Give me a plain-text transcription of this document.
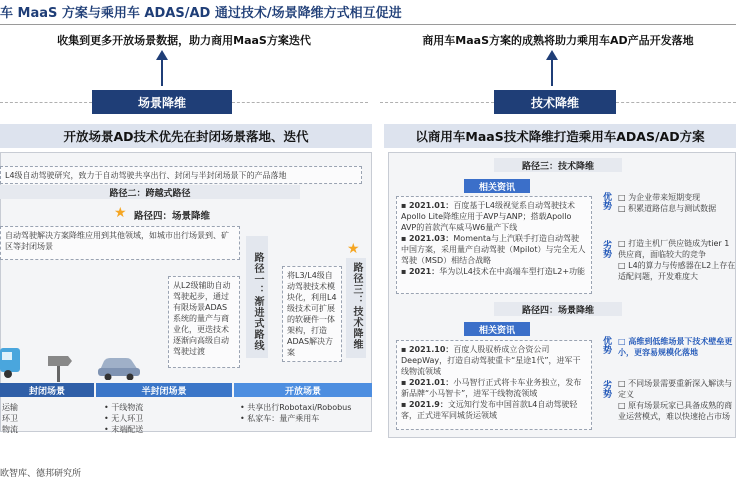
车 MaaS 方案与乘用车 ADAS/AD 通过技术/场景降维方式相互促进
收集到更多开放场景数据，助力商用MaaS方案迭代
场景降维
商用车MaaS方案的成熟将助力乘用车AD产品开发落地
技术降维
开放场景AD技术优先在封闭场景落地、迭代
L4级自动驾驶研究，致力于自动驾驶共享出行、封闭与半封闭场景下的产品落地
路径二：跨越式路径
★ 路径四：场景降维
自动驾驶解决方案降维应用到其他领域，如城市出行场景到、矿区等封闭场景
路径一：渐进式路线
从L2级辅助自动驾驶起步，通过有限场景ADAS系统的量产与商业化，更迭技术逐渐向高级自动驾驶过渡
将L3/L4级自动驾驶技术模块化，利用L4级技术可扩展的软硬件一体架构，打造ADAS解决方案
★
路径三：技术降维
封闭场景	半封闭场景	开放场景
运输
环卫
物流
• 干线物流
• 无人环卫
• 末端配送
• 共享出行Robotaxi/Robobus
• 私家车：量产乘用车
以商用车MaaS技术降维打造乘用车ADAS/AD方案
路径三：技术降维
相关资讯
▪ 2021.01：百度基于L4级视觉系自动驾驶技术Apollo Lite降维应用于AVP与ANP；搭载Apollo AVP的首款汽车威马W6量产下线
▪ 2021.03：Momenta与上汽联手打造自动驾驶中国方案，采用量产自动驾驶（Mpilot）与完全无人驾驶（MSD）相结合战略
▪ 2021：华为以L4技术在中高端车型打造L2+功能
优势 □ 为企业带来短期变现
□ 积累道路信息与测试数据
劣势 □ 打造主机厂供应链成为tier 1供应商，面临较大的竞争
□ L4的算力与传感器在L2上存在适配问题，开发难度大
路径四：场景降维
相关资讯
▪ 2021.10：百度人股驭桥成立合资公司DeepWay，打造自动驾驶重卡“星途1代”，进军干线物流领域
▪ 2021.01：小马智行正式将卡车业务独立，发布新品牌“小马智卡”，进军干线物流领域
▪ 2021.9：文远知行发布中国首款L4自动驾驶轻客，正式进军同城货运领域
优势 □ 高维到低维场景下技术壁垒更小，更容易规模化落地
劣势 □ 不同场景需要重新深入解读与定义
□ 原有场景玩家已具备成熟的商业运营模式，难以快速抢占市场
欧智库、德邦研究所
